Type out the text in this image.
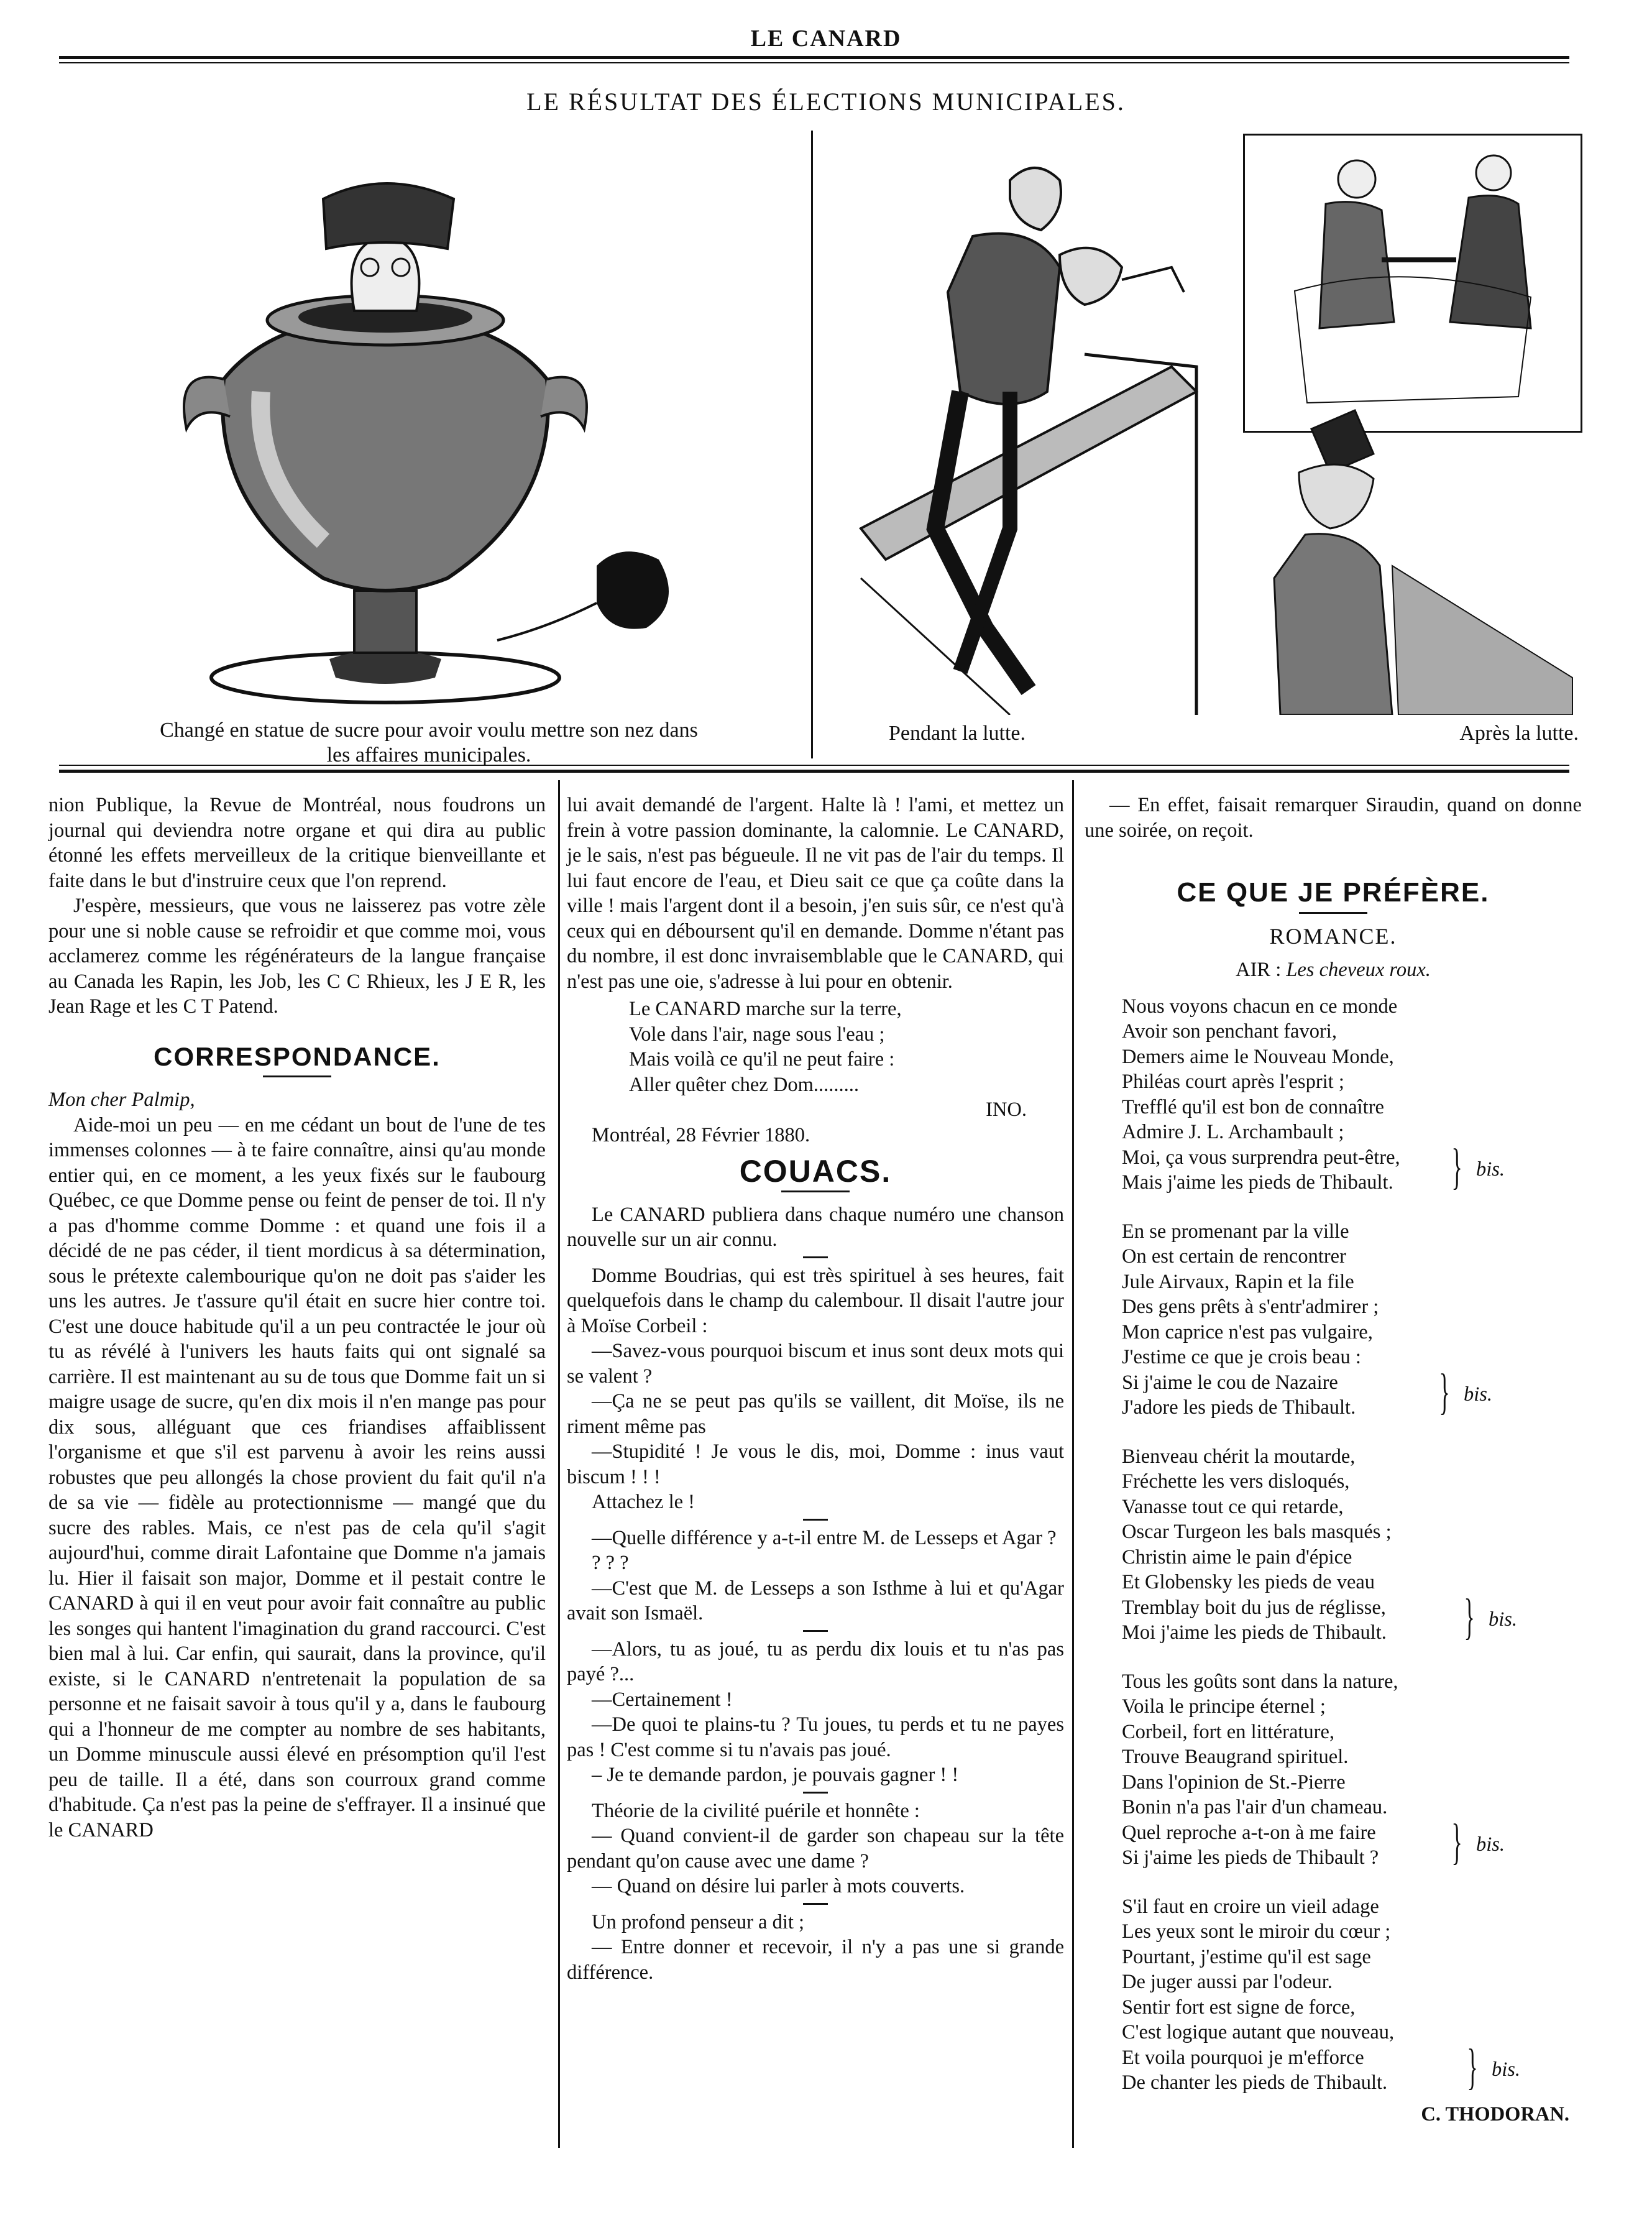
LE CANARD
LE RÉSULTAT DES ÉLECTIONS MUNICIPALES.
Changé en statue de sucre pour avoir voulu mettre son nez dans
les affaires municipales.
Pendant la lutte.	Après la lutte.

nion Publique, la Revue de Montréal, nous foudrons un journal qui deviendra notre organe et qui dira au public étonné les effets merveilleux de la critique bienveillante et faite dans le but d'instruire ceux que l'on reprend.

J'espère, messieurs, que vous ne laisserez pas votre zèle pour une si noble cause se refroidir et que comme moi, vous acclamerez comme les régénérateurs de la langue française au Canada les Rapin, les Job, les C C Rhieux, les J E R, les Jean Rage et les C T Patend.

CORRESPONDANCE.

Mon cher Palmip,

Aide-moi un peu — en me cédant un bout de l'une de tes immenses colonnes — à te faire connaître, ainsi qu'au monde entier qui, en ce moment, a les yeux fixés sur le faubourg Québec, ce que Domme pense ou feint de penser de toi. Il n'y a pas d'homme comme Domme : et quand une fois il a décidé de ne pas céder, il tient mordicus à sa détermination, sous le prétexte calembourique qu'on ne doit pas s'aider les uns les autres. Je t'assure qu'il était en sucre hier contre toi. C'est une douce habitude qu'il a un peu contractée le jour où tu as révélé à l'univers les hauts faits qui ont signalé sa carrière. Il est maintenant au su de tous que Domme fait un si maigre usage de sucre, qu'en dix mois il n'en mange pas pour dix sous, alléguant que ces friandises affaiblissent l'organisme et que s'il est parvenu à avoir les reins aussi robustes que peu allongés la chose provient du fait qu'il n'a de sa vie — fidèle au protectionnisme — mangé que du sucre des rables. Mais, ce n'est pas de cela qu'il s'agit aujourd'hui, comme dirait Lafontaine que Domme n'a jamais lu. Hier il faisait son major, Domme et il pestait contre le CANARD à qui il en veut pour avoir fait connaître au public les songes qui hantent l'imagination du grand raccourci. C'est bien mal à lui. Car enfin, qui saurait, dans la province, qu'il existe, si le CANARD n'entretenait la population de sa personne et ne faisait savoir à tous qu'il y a, dans le faubourg qui a l'honneur de me compter au nombre de ses habitants, un Domme minuscule aussi élevé en présomption qu'il l'est peu de taille. Il a été, dans son courroux grand comme d'habitude. Ça n'est pas la peine de s'effrayer. Il a insinué que le CANARD

lui avait demandé de l'argent. Halte là ! l'ami, et mettez un frein à votre passion dominante, la calomnie. Le CANARD, je le sais, n'est pas bégueule. Il ne vit pas de l'air du temps. Il lui faut encore de l'eau, et Dieu sait ce que ça coûte dans la ville ! mais l'argent dont il a besoin, j'en suis sûr, ce n'est qu'à ceux qui en déboursent qu'il en demande. Domme n'étant pas du nombre, il est donc invraisemblable que le CANARD, qui n'est pas une oie, s'adresse à lui pour en obtenir.

Le CANARD marche sur la terre,
Vole dans l'air, nage sous l'eau ;
Mais voilà ce qu'il ne peut faire :
Aller quêter chez Dom.........
INO.

Montréal, 28 Février 1880.

COUACS.

Le CANARD publiera dans chaque numéro une chanson nouvelle sur un air connu.

Domme Boudrias, qui est très spirituel à ses heures, fait quelquefois dans le champ du calembour. Il disait l'autre jour à Moïse Corbeil :

—Savez-vous pourquoi biscum et inus sont deux mots qui se valent ?

—Ça ne se peut pas qu'ils se vaillent, dit Moïse, ils ne riment même pas

—Stupidité ! Je vous le dis, moi, Domme : inus vaut biscum ! ! !

Attachez le !

—Quelle différence y a-t-il entre M. de Lesseps et Agar ?

? ? ?

—C'est que M. de Lesseps a son Isthme à lui et qu'Agar avait son Ismaël.

—Alors, tu as joué, tu as perdu dix louis et tu n'as pas payé ?...

—Certainement !

—De quoi te plains-tu ? Tu joues, tu perds et tu ne payes pas ! C'est comme si tu n'avais pas joué.

– Je te demande pardon, je pouvais gagner ! !

Théorie de la civilité puérile et honnête :

— Quand convient-il de garder son chapeau sur la tête pendant qu'on cause avec une dame ?

— Quand on désire lui parler à mots couverts.

Un profond penseur a dit ;

— Entre donner et recevoir, il n'y a pas une si grande différence.

— En effet, faisait remarquer Siraudin, quand on donne une soirée, on reçoit.

CE QUE JE PRÉFÈRE.
ROMANCE.
AIR : Les cheveux roux.
Nous voyons chacun en ce monde
Avoir son penchant favori,
Demers aime le Nouveau Monde,
Philéas court après l'esprit ;
Trefflé qu'il est bon de connaître
Admire J. L. Archambault ;
Moi, ça vous surprendra peut-être,
Mais j'aime les pieds de Thibault.	} bis.
En se promenant par la ville
On est certain de rencontrer
Jule Airvaux, Rapin et la file
Des gens prêts à s'entr'admirer ;
Mon caprice n'est pas vulgaire,
J'estime ce que je crois beau :
Si j'aime le cou de Nazaire
J'adore les pieds de Thibault.	} bis.
Bienveau chérit la moutarde,
Fréchette les vers disloqués,
Vanasse tout ce qui retarde,
Oscar Turgeon les bals masqués ;
Christin aime le pain d'épice
Et Globensky les pieds de veau
Tremblay boit du jus de réglisse,
Moi j'aime les pieds de Thibault.	} bis.
Tous les goûts sont dans la nature,
Voila le principe éternel ;
Corbeil, fort en littérature,
Trouve Beaugrand spirituel.
Dans l'opinion de St.-Pierre
Bonin n'a pas l'air d'un chameau.
Quel reproche a-t-on à me faire
Si j'aime les pieds de Thibault ?	} bis.
S'il faut en croire un vieil adage
Les yeux sont le miroir du cœur ;
Pourtant, j'estime qu'il est sage
De juger aussi par l'odeur.
Sentir fort est signe de force,
C'est logique autant que nouveau,
Et voila pourquoi je m'efforce
De chanter les pieds de Thibault.	} bis.
C. THODORAN.
